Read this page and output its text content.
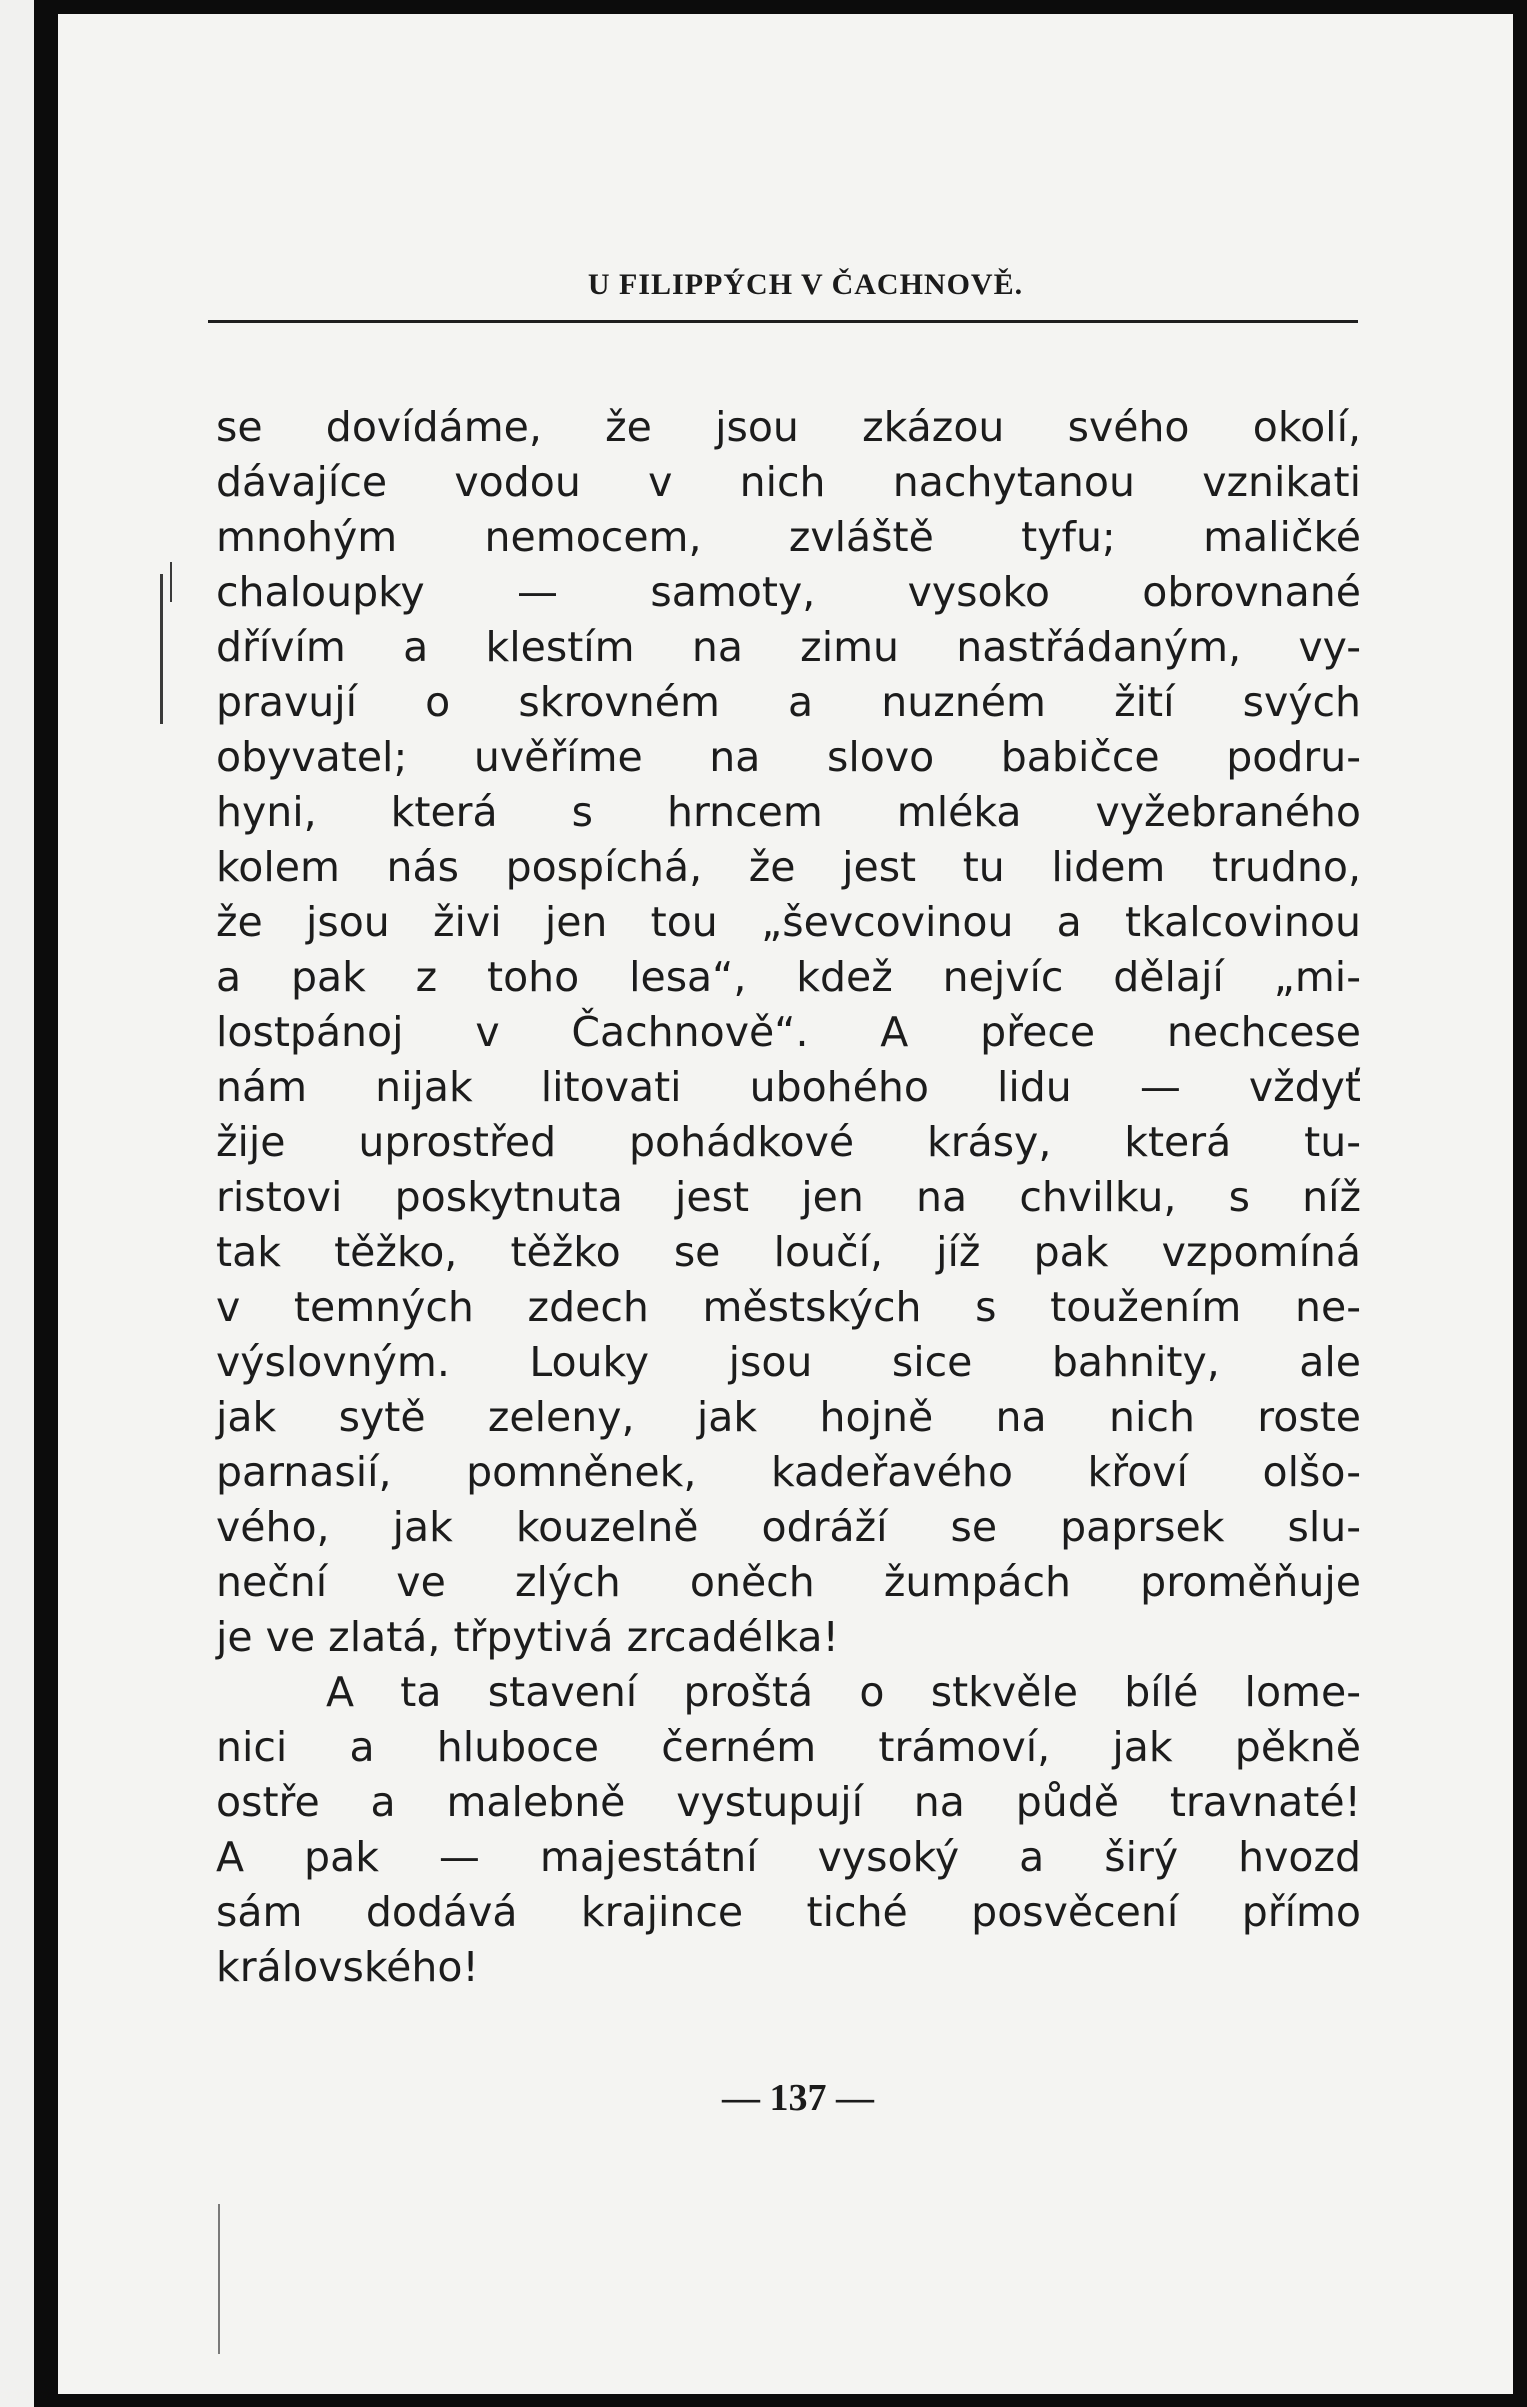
U FILIPPÝCH V ČACHNOVĚ.
se dovídáme, že jsou zkázou svého okolí,
dávajíce vodou v nich nachytanou vznikati
mnohým nemocem, zvláště tyfu; maličké
chaloupky — samoty, vysoko obrovnané
dřívím a klestím na zimu nastřádaným, vy-
pravují o skrovném a nuzném žití svých
obyvatel; uvěříme na slovo babičce podru-
hyni, která s hrncem mléka vyžebraného
kolem nás pospíchá, že jest tu lidem trudno,
že jsou živi jen tou „ševcovinou a tkalcovinou
a pak z toho lesa“, kdež nejvíc dělají „mi-
lostpánoj v Čachnově“. A přece nechcese
nám nijak litovati ubohého lidu — vždyť
žije uprostřed pohádkové krásy, která tu-
ristovi poskytnuta jest jen na chvilku, s níž
tak těžko, těžko se loučí, jíž pak vzpomíná
v temných zdech městských s toužením ne-
výslovným. Louky jsou sice bahnity, ale
jak sytě zeleny, jak hojně na nich roste
parnasií, pomněnek, kadeřavého křoví olšo-
vého, jak kouzelně odráží se paprsek slu-
neční ve zlých oněch žumpách proměňuje
je ve zlatá, třpytivá zrcadélka!
A ta stavení proštá o stkvěle bílé lome-
nici a hluboce černém trámoví, jak pěkně
ostře a malebně vystupují na půdě travnaté!
A pak — majestátní vysoký a širý hvozd
sám dodává krajince tiché posvěcení přímo
královského!
— 137 —
